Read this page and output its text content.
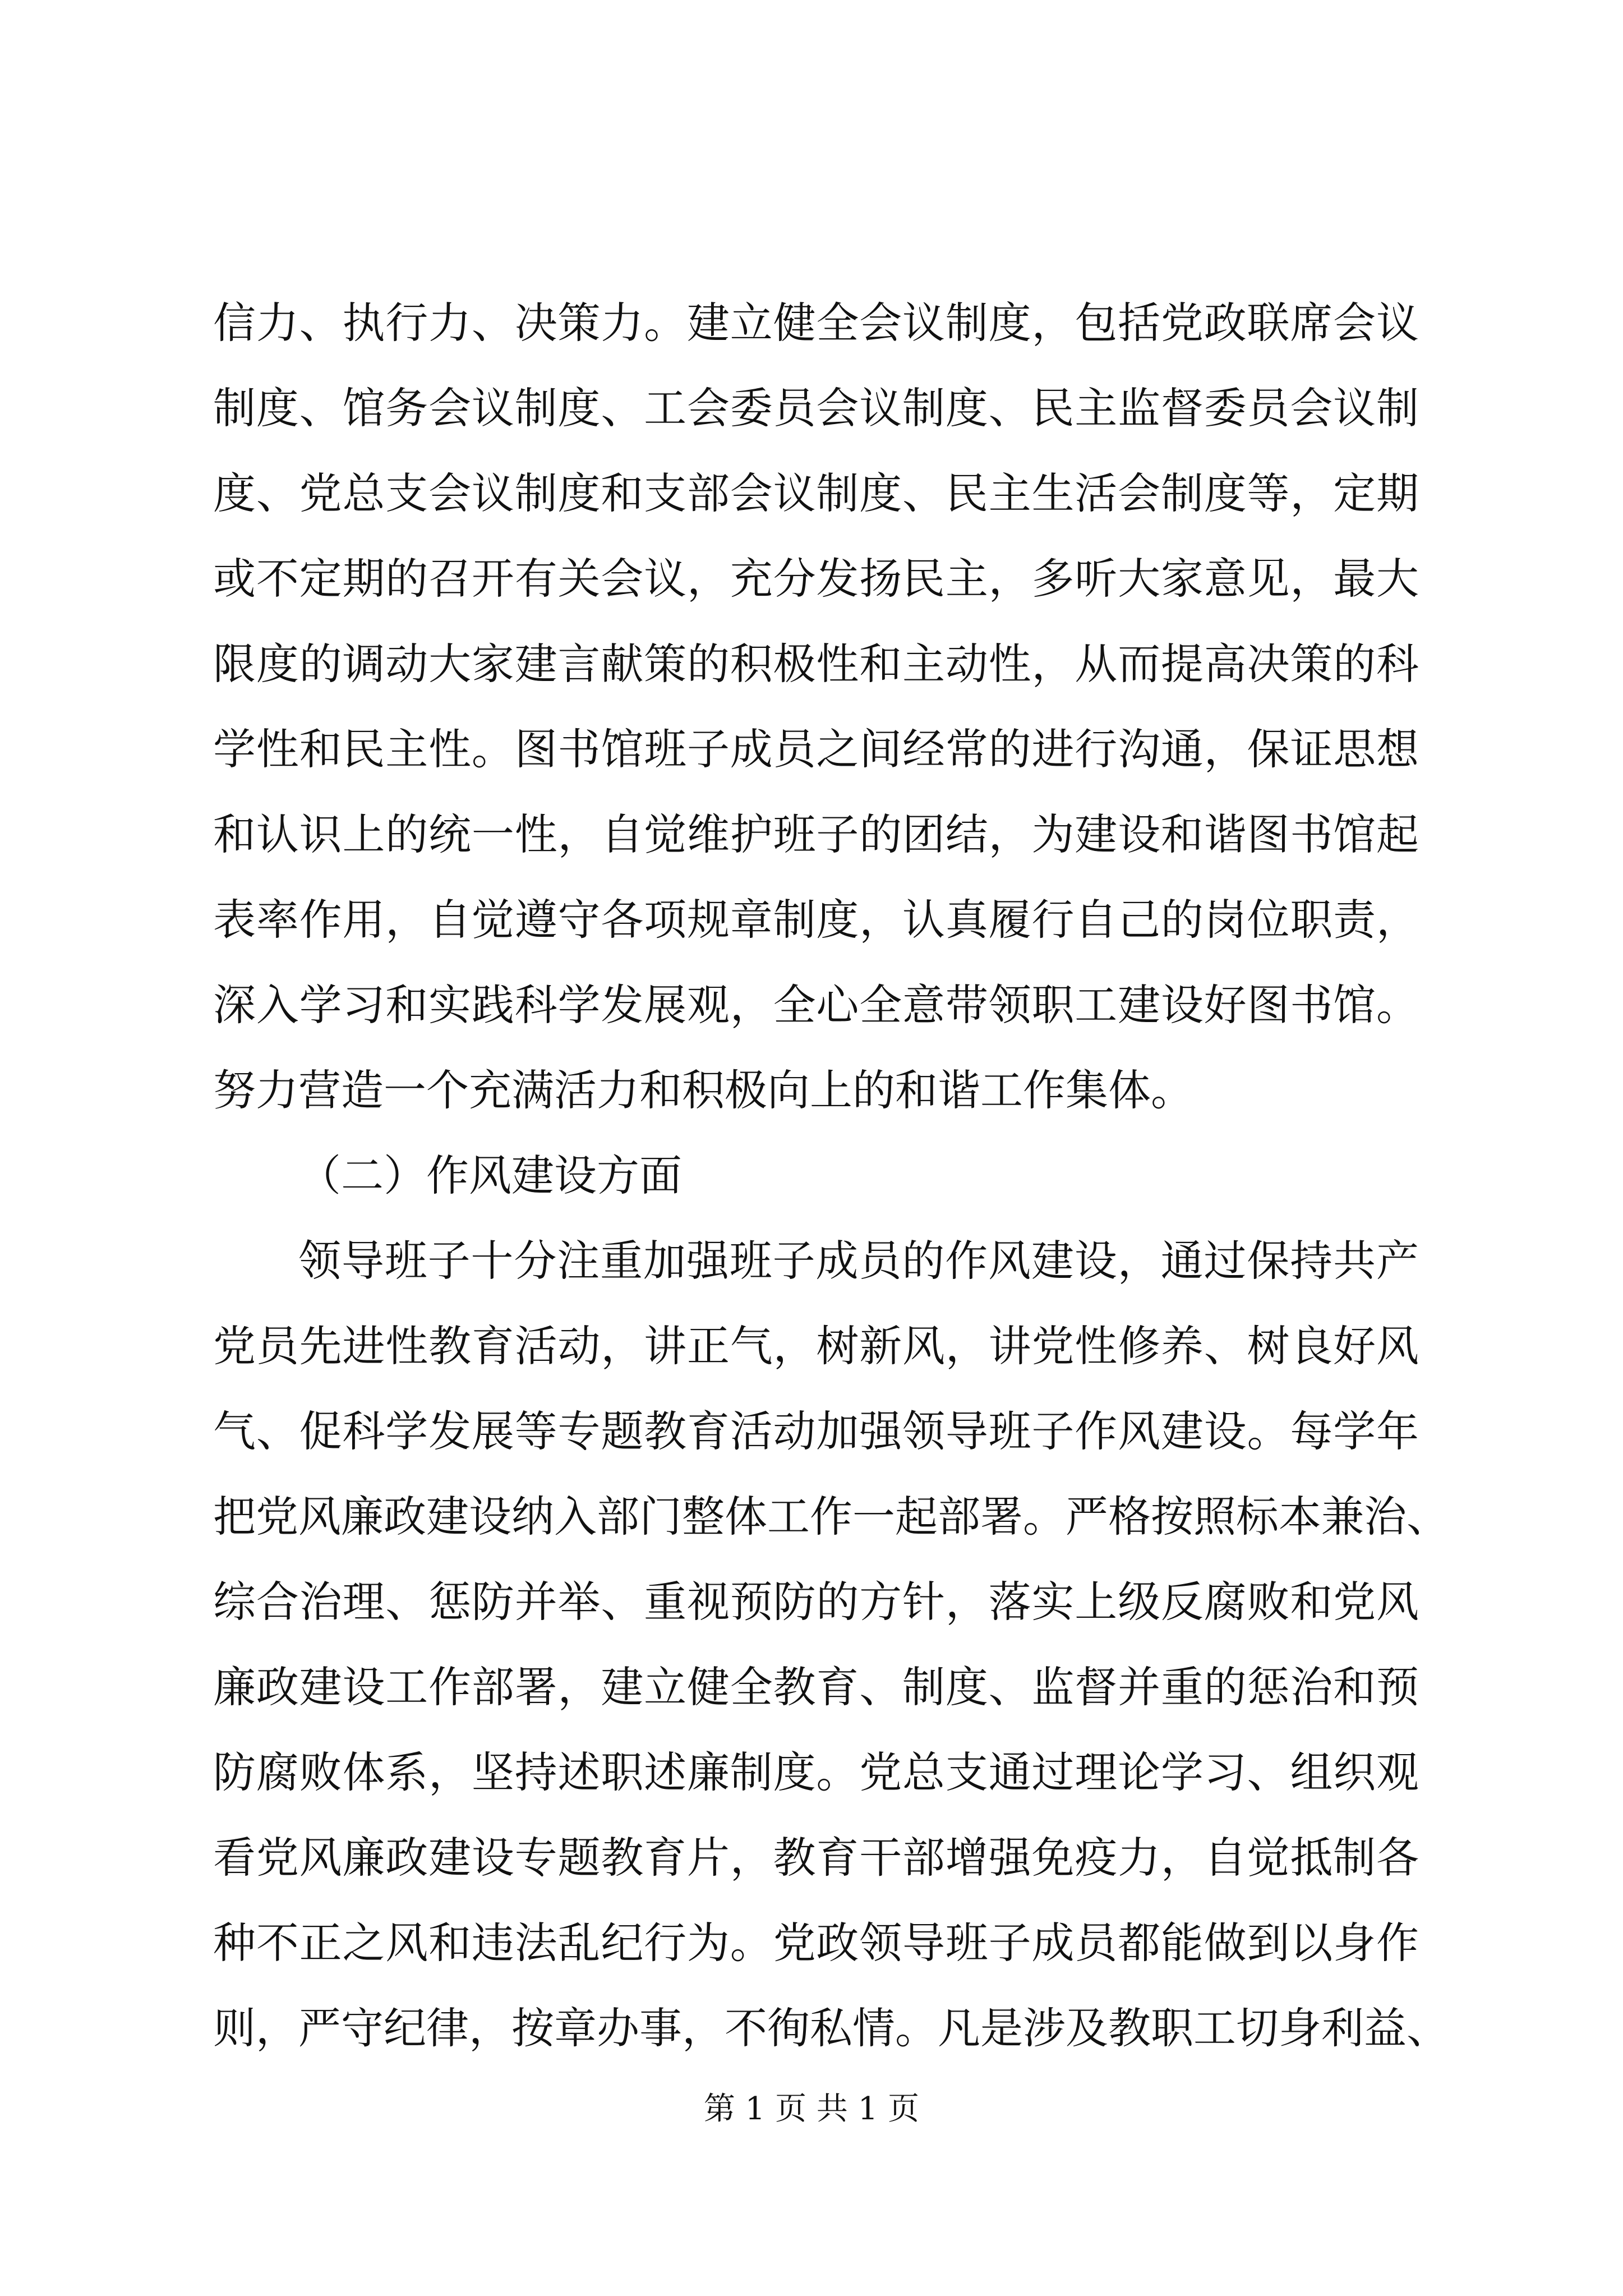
信力、执行力、决策力。建立健全会议制度，包括党政联席会议
制度、馆务会议制度、工会委员会议制度、民主监督委员会议制
度、党总支会议制度和支部会议制度、民主生活会制度等，定期
或不定期的召开有关会议，充分发扬民主，多听大家意见，最大
限度的调动大家建言献策的积极性和主动性，从而提高决策的科
学性和民主性。图书馆班子成员之间经常的进行沟通，保证思想
和认识上的统一性，自觉维护班子的团结，为建设和谐图书馆起
表率作用，自觉遵守各项规章制度，认真履行自己的岗位职责，
深入学习和实践科学发展观，全心全意带领职工建设好图书馆。
努力营造一个充满活力和积极向上的和谐工作集体。
（二）作风建设方面
领导班子十分注重加强班子成员的作风建设，通过保持共产
党员先进性教育活动，讲正气，树新风，讲党性修养、树良好风
气、促科学发展等专题教育活动加强领导班子作风建设。每学年
把党风廉政建设纳入部门整体工作一起部署。严格按照标本兼治、
综合治理、惩防并举、重视预防的方针，落实上级反腐败和党风
廉政建设工作部署，建立健全教育、制度、监督并重的惩治和预
防腐败体系，坚持述职述廉制度。党总支通过理论学习、组织观
看党风廉政建设专题教育片，教育干部增强免疫力，自觉抵制各
种不正之风和违法乱纪行为。党政领导班子成员都能做到以身作
则，严守纪律，按章办事，不徇私情。凡是涉及教职工切身利益、
第 1 页 共 1 页
